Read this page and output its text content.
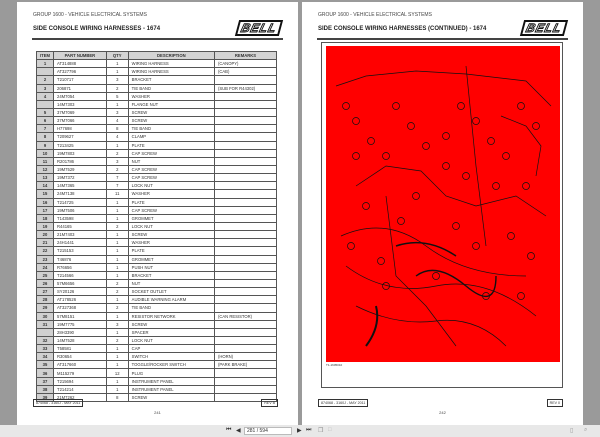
GROUP 1600 - VEHICLE ELECTRICAL SYSTEMS
SIDE CONSOLE WIRING HARNESSES - 1674	BELL
ITEM	PART NUMBER	QTY	DESCRIPTION	REMARKS
1	AT314888	1	WIRING HARNESS	(CANOPY)
	AT327796	1	WIRING HARNESS	(CAB)
2	T210717	3	BRACKET	
3	206871	2	TIE BAND	(SUB FOR R44302)
4	24M7054	5	WASHER	
	14M7303	1	FLANGE NUT	
5	37M7069	3	SCREW	
6	37M7066	4	SCREW	
7	H77698	8	TIE BAND	
8	T209627	4	CLAMP	
9	T213425	1	PLATE	
10	19M7803	2	CAP SCREW	
11	R201786	3	NUT	
12	19M7529	2	CAP SCREW	
13	19M7372	7	CAP SCREW	
14	14M7365	7	LOCK NUT	
15	24M7138	11	WASHER	
16	T214725	1	PLATE	
17	19M7506	1	CAP SCREW	
18	T143598	1	GROMMET	
19	R44165	2	LOCK NUT	
20	21M7403	1	SCREW	
21	24H1441	1	WASHER	
22	T215153	1	PLATE	
23	T46876	1	GROMMET	
24	R76656	1	PUSH NUT	
25	T214566	1	BRACKET	
26	57M6656	2	NUT	
27	SY20126	2	SOCKET OUTLET	
28	AT178526	1	AUDIBLE WARNING ALARM	
29	AT327368	2	TIE BAND	
30	57M8151	1	RESISTOR NETWORK	(CAN RESISTOR)
31	19M7775	3	SCREW	
	28H3390	1	SPACER	
32	14M7528	2	LOCK NUT	
33	T58581	1	CAP	
34	R30654	1	SWITCH	(HORN)
35	AT317660	1	TOGGLE/ROCKER SWITCH	(PARK BRAKE)
36	M115279	12	PLUG	
37	T215694	1	INSTRUMENT PANEL	
38	T214214	1	INSTRUMENT PANEL	
39	21M7262	8	SCREW	
874068 - 3160J - MAY 2011	REV B
241
GROUP 1600 - VEHICLE ELECTRICAL SYSTEMS
SIDE CONSOLE WIRING HARNESSES (CONTINUED) - 1674	BELL
T1-1605010
874068 - 3160J - MAY 2011	REV 0
242
⏮ ◀	281 / 594	▶ ⏭ ❐ □	▯ ⌕
